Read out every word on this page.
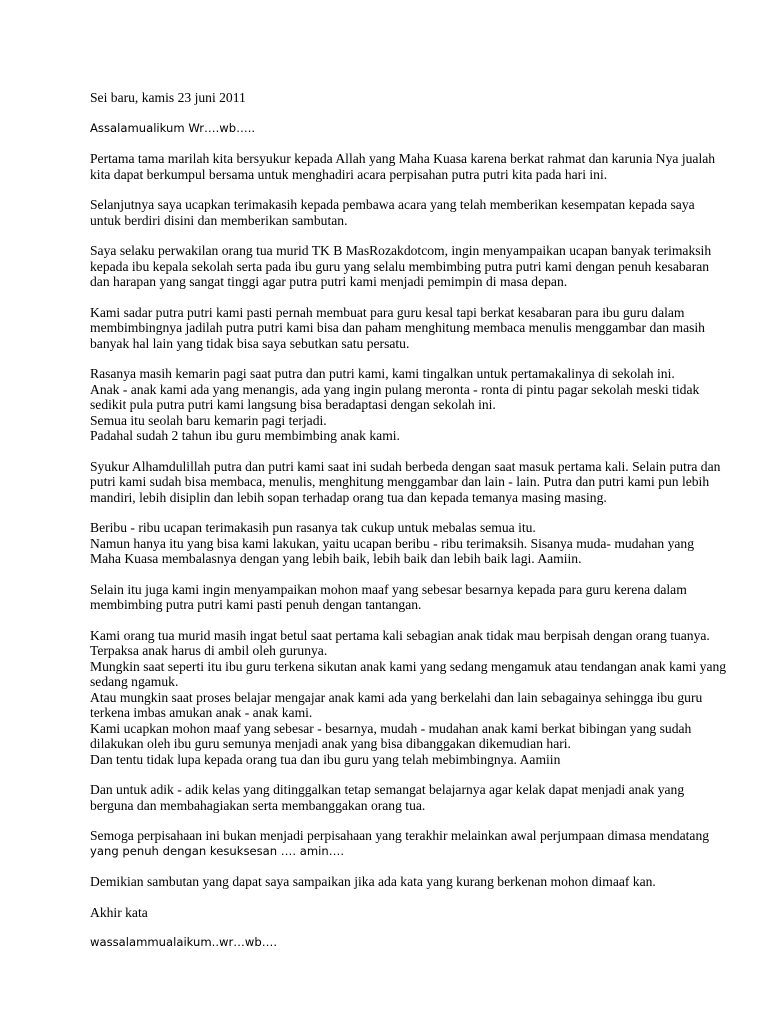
Sei baru, kamis 23 juni 2011

Assalamualikum Wr….wb…..

Pertama tama marilah kita bersyukur kepada Allah yang Maha Kuasa karena berkat rahmat dan karunia Nya jualah
kita dapat berkumpul bersama untuk menghadiri acara perpisahan putra putri kita pada hari ini.

Selanjutnya saya ucapkan terimakasih kepada pembawa acara yang telah memberikan kesempatan kepada saya
untuk berdiri disini dan memberikan sambutan.

Saya selaku perwakilan orang tua murid TK B MasRozakdotcom, ingin menyampaikan ucapan banyak terimaksih
kepada ibu kepala sekolah serta pada ibu guru yang selalu membimbing putra putri kami dengan penuh kesabaran
dan harapan yang sangat tinggi agar putra putri kami menjadi pemimpin di masa depan.

Kami sadar putra putri kami pasti pernah membuat para guru kesal tapi berkat kesabaran para ibu guru dalam
membimbingnya jadilah putra putri kami bisa dan paham menghitung membaca menulis menggambar dan masih
banyak hal lain yang tidak bisa saya sebutkan satu persatu.

Rasanya masih kemarin pagi saat putra dan putri kami, kami tingalkan untuk pertamakalinya di sekolah ini.
Anak - anak kami ada yang menangis, ada yang ingin pulang meronta - ronta di pintu pagar sekolah meski tidak
sedikit pula putra putri kami langsung bisa beradaptasi dengan sekolah ini.
Semua itu seolah baru kemarin pagi terjadi.
Padahal sudah 2 tahun ibu guru membimbing anak kami.

Syukur Alhamdulillah putra dan putri kami saat ini sudah berbeda dengan saat masuk pertama kali. Selain putra dan
putri kami sudah bisa membaca, menulis, menghitung menggambar dan lain - lain. Putra dan putri kami pun lebih
mandiri, lebih disiplin dan lebih sopan terhadap orang tua dan kepada temanya masing masing.

Beribu - ribu ucapan terimakasih pun rasanya tak cukup untuk mebalas semua itu.
Namun hanya itu yang bisa kami lakukan, yaitu ucapan beribu - ribu terimaksih. Sisanya muda- mudahan yang
Maha Kuasa membalasnya dengan yang lebih baik, lebih baik dan lebih baik lagi. Aamiin.

Selain itu juga kami ingin menyampaikan mohon maaf yang sebesar besarnya kepada para guru kerena dalam
membimbing putra putri kami pasti penuh dengan tantangan.

Kami orang tua murid masih ingat betul saat pertama kali sebagian anak tidak mau berpisah dengan orang tuanya.
Terpaksa anak harus di ambil oleh gurunya.
Mungkin saat seperti itu ibu guru terkena sikutan anak kami yang sedang mengamuk atau tendangan anak kami yang
sedang ngamuk.
Atau mungkin saat proses belajar mengajar anak kami ada yang berkelahi dan lain sebagainya sehingga ibu guru
terkena imbas amukan anak - anak kami.
Kami ucapkan mohon maaf yang sebesar - besarnya, mudah - mudahan anak kami berkat bibingan yang sudah
dilakukan oleh ibu guru semunya menjadi anak yang bisa dibanggakan dikemudian hari.
Dan tentu tidak lupa kepada orang tua dan ibu guru yang telah mebimbingnya. Aamiin

Dan untuk adik - adik kelas yang ditinggalkan tetap semangat belajarnya agar kelak dapat menjadi anak yang
berguna dan membahagiakan serta membanggakan orang tua.

Semoga perpisahaan ini bukan menjadi perpisahaan yang terakhir melainkan awal perjumpaan dimasa mendatang
yang penuh dengan kesuksesan …. amin….

Demikian sambutan yang dapat saya sampaikan jika ada kata yang kurang berkenan mohon dimaaf kan.

Akhir kata

wassalammualaikum..wr…wb….
